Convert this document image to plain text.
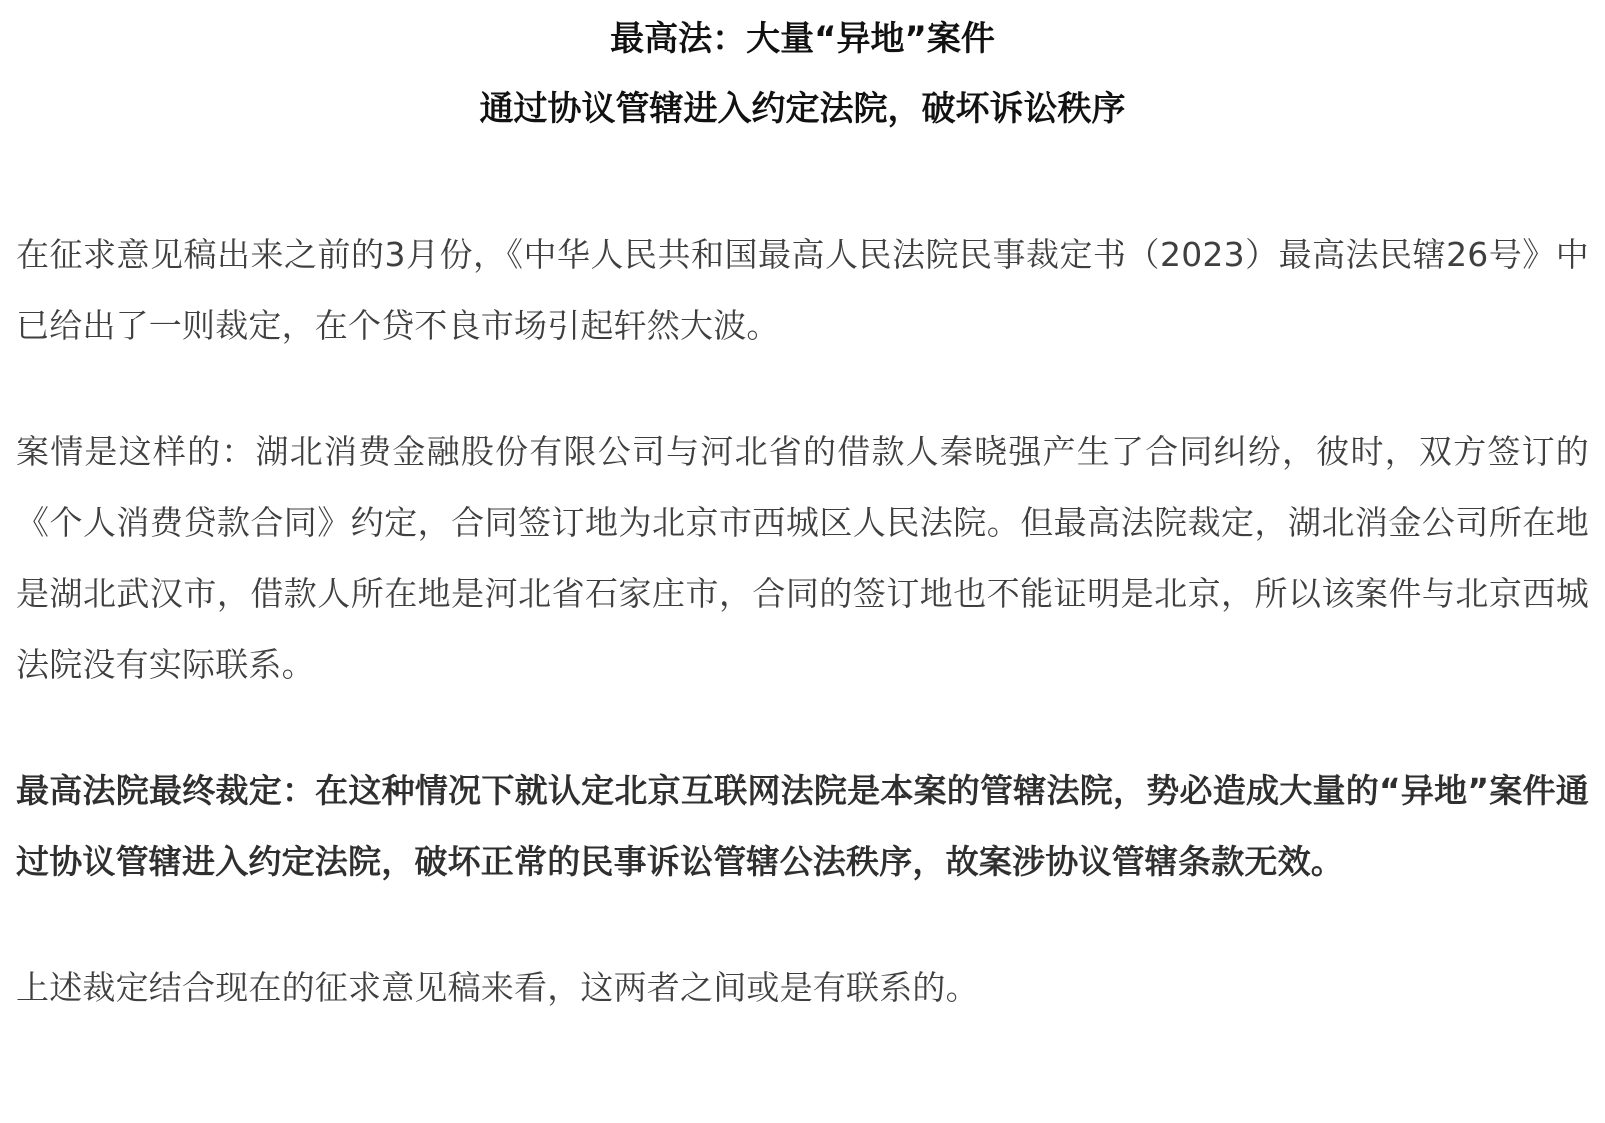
最高法：大量“异地”案件
通过协议管辖进入约定法院，破坏诉讼秩序

在征求意见稿出来之前的3月份，《中华人民共和国最高人民法院民事裁定书（2023）最高法民辖26号》中已给出了一则裁定，在个贷不良市场引起轩然大波。

案情是这样的：湖北消费金融股份有限公司与河北省的借款人秦晓强产生了合同纠纷，彼时，双方签订的《个人消费贷款合同》约定，合同签订地为北京市西城区人民法院。但最高法院裁定，湖北消金公司所在地是湖北武汉市，借款人所在地是河北省石家庄市，合同的签订地也不能证明是北京，所以该案件与北京西城法院没有实际联系。

最高法院最终裁定：在这种情况下就认定北京互联网法院是本案的管辖法院，势必造成大量的“异地”案件通过协议管辖进入约定法院，破坏正常的民事诉讼管辖公法秩序，故案涉协议管辖条款无效。

上述裁定结合现在的征求意见稿来看，这两者之间或是有联系的。
